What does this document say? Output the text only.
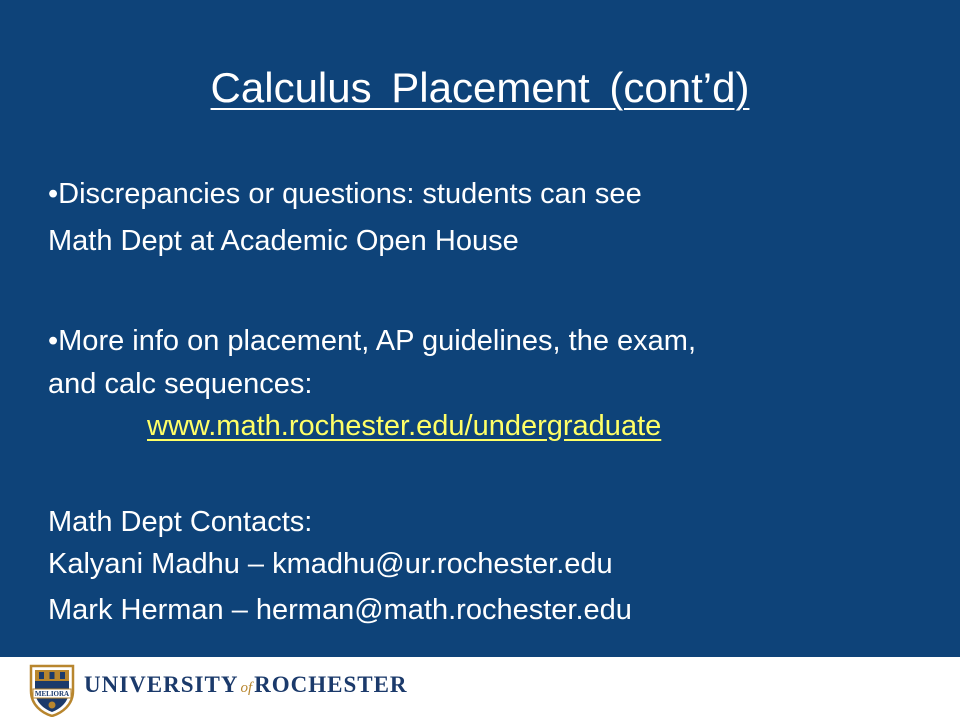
Calculus Placement (cont’d)
•Discrepancies or questions: students can see
Math Dept at Academic Open House
•More info on placement, AP guidelines, the exam,
and calc sequences:
www.math.rochester.edu/undergraduate
Math Dept Contacts:
Kalyani Madhu – kmadhu@ur.rochester.edu
Mark Herman – herman@math.rochester.edu
MELIORA UNIVERSITY ofROCHESTER
